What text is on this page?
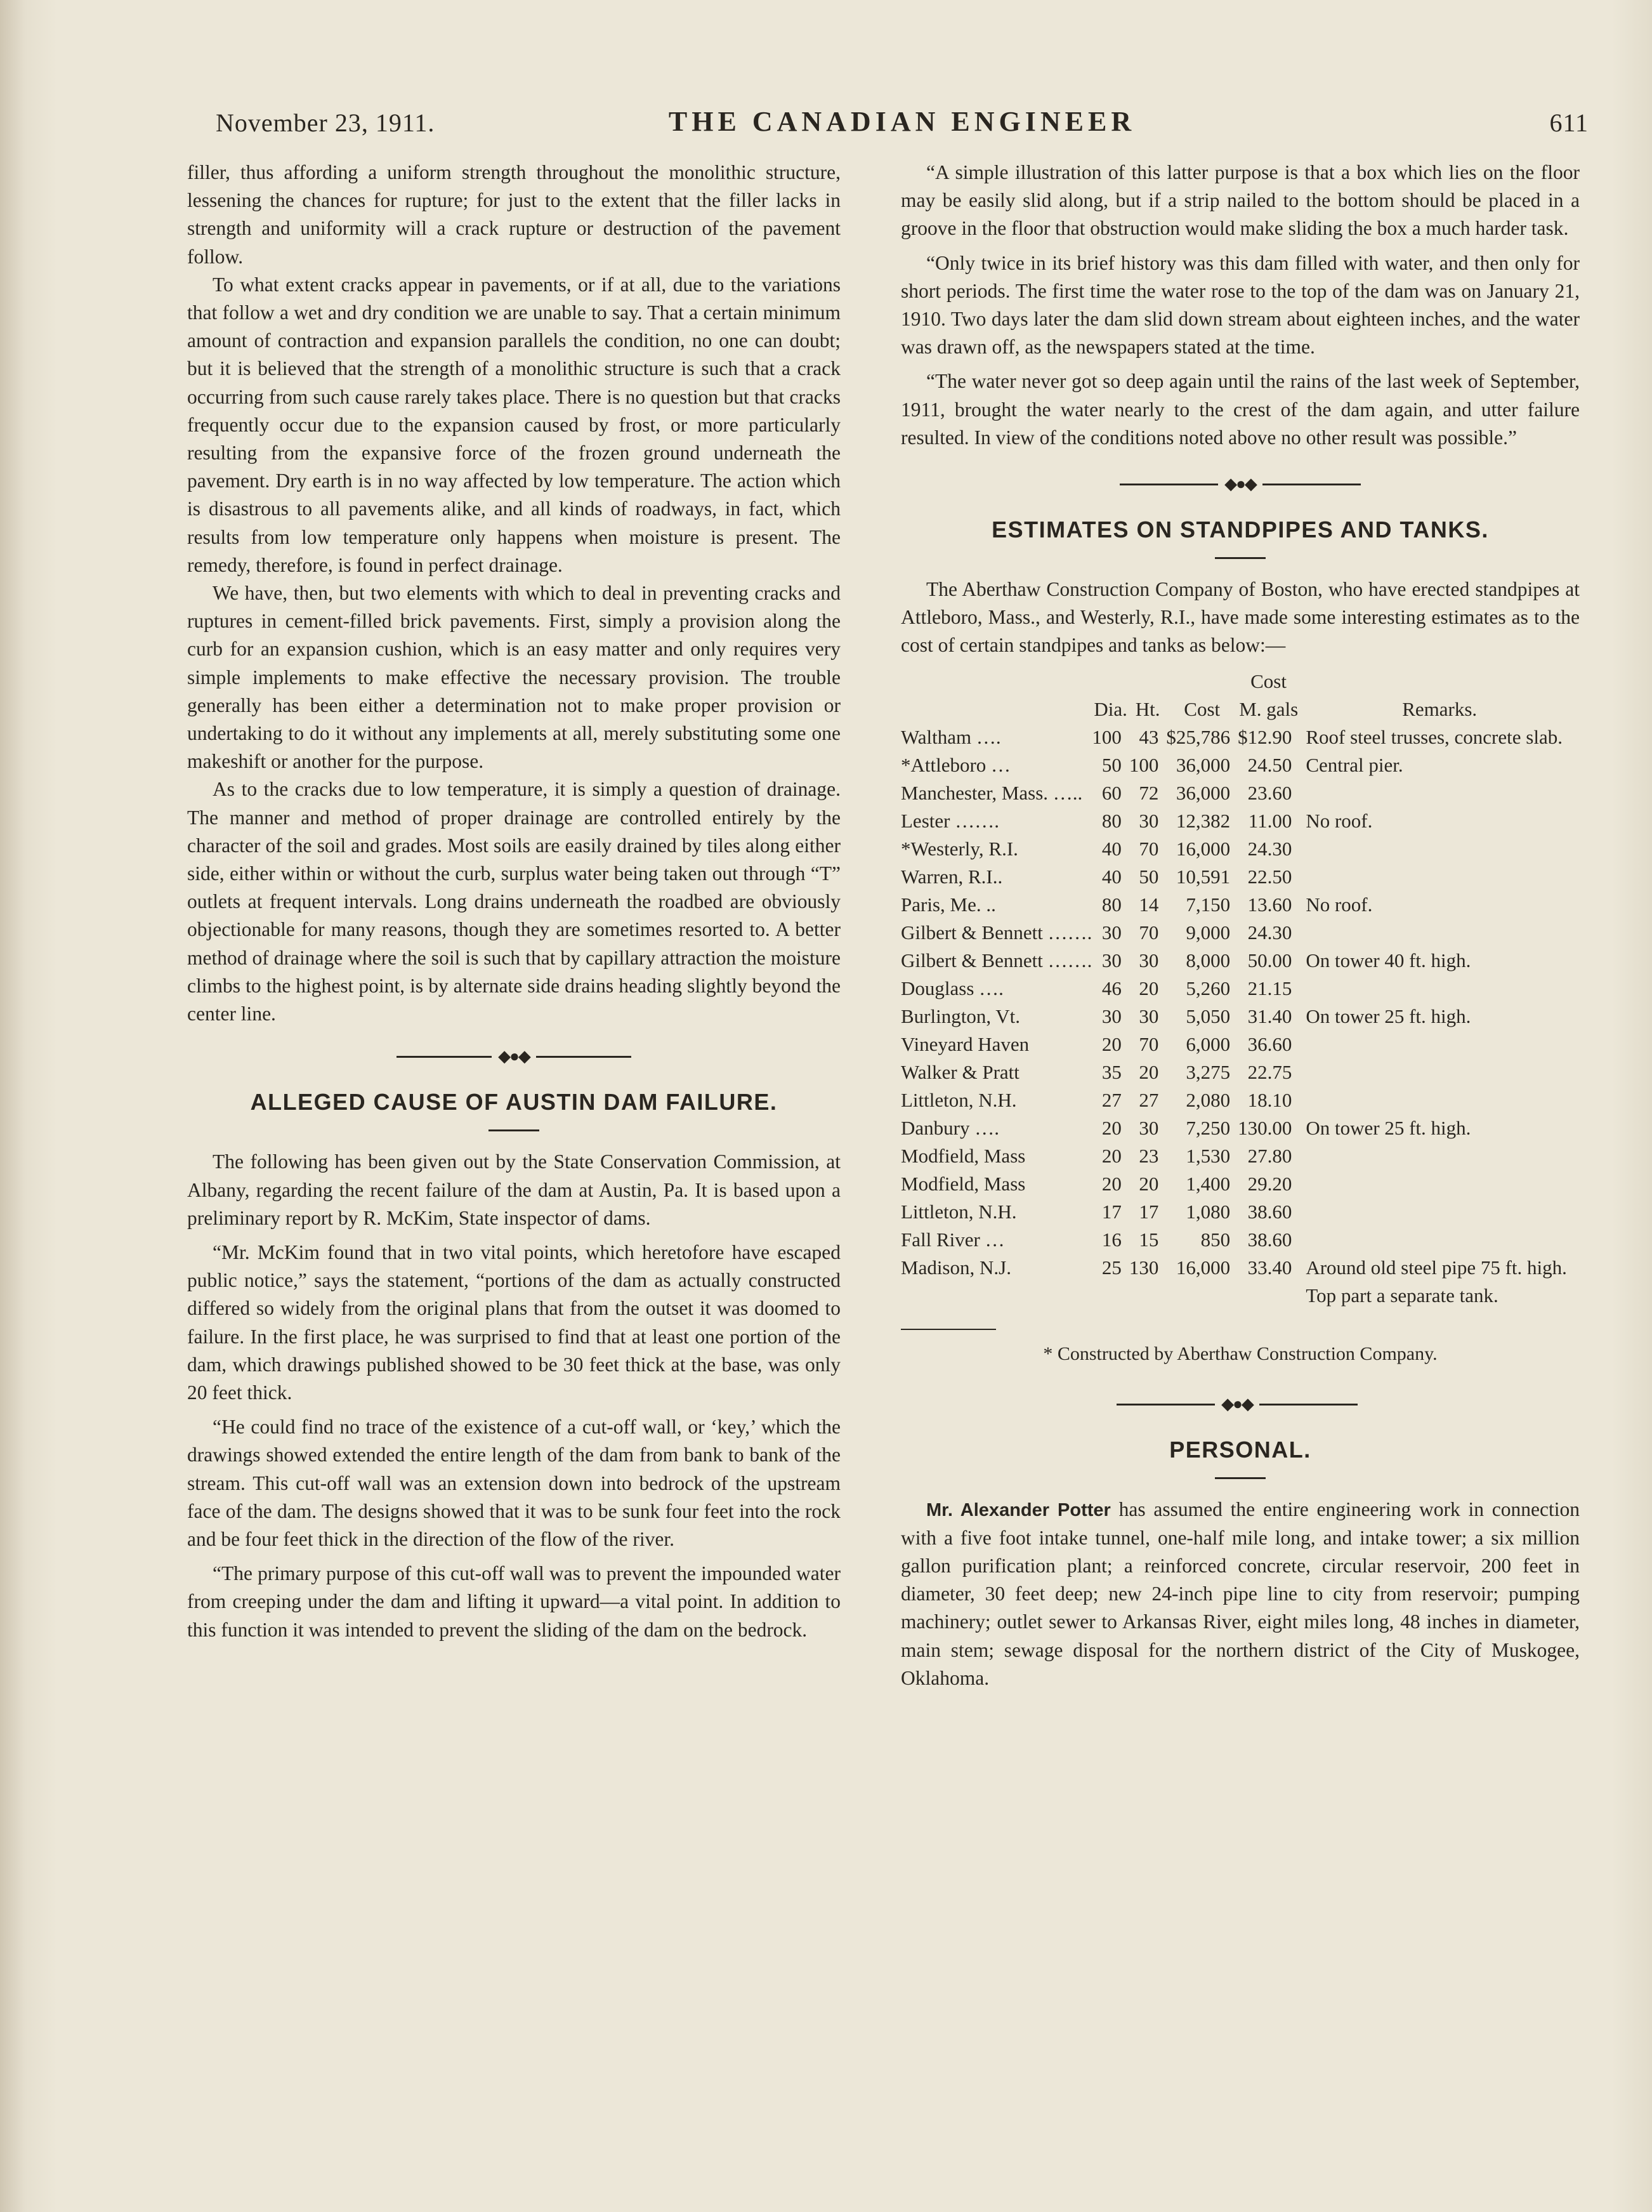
November 23, 1911.	THE CANADIAN ENGINEER	611

filler, thus affording a uniform strength throughout the monolithic structure, lessening the chances for rupture; for just to the extent that the filler lacks in strength and uniformity will a crack rupture or destruction of the pavement follow.

To what extent cracks appear in pavements, or if at all, due to the variations that follow a wet and dry condition we are unable to say. That a certain minimum amount of contraction and expansion parallels the condition, no one can doubt; but it is believed that the strength of a monolithic structure is such that a crack occurring from such cause rarely takes place. There is no question but that cracks frequently occur due to the expansion caused by frost, or more particularly resulting from the expansive force of the frozen ground underneath the pavement. Dry earth is in no way affected by low temperature. The action which is disastrous to all pavements alike, and all kinds of roadways, in fact, which results from low temperature only happens when moisture is present. The remedy, therefore, is found in perfect drainage.

We have, then, but two elements with which to deal in preventing cracks and ruptures in cement-filled brick pavements. First, simply a provision along the curb for an expansion cushion, which is an easy matter and only requires very simple implements to make effective the necessary provision. The trouble generally has been either a determination not to make proper provision or undertaking to do it without any implements at all, merely substituting some one makeshift or another for the purpose.

As to the cracks due to low temperature, it is simply a question of drainage. The manner and method of proper drainage are controlled entirely by the character of the soil and grades. Most soils are easily drained by tiles along either side, either within or without the curb, surplus water being taken out through “T” outlets at frequent intervals. Long drains underneath the roadbed are obviously objectionable for many reasons, though they are sometimes resorted to. A better method of drainage where the soil is such that by capillary attraction the moisture climbs to the highest point, is by alternate side drains heading slightly beyond the center line.

◆●◆
ALLEGED CAUSE OF AUSTIN DAM FAILURE.

The following has been given out by the State Conservation Commission, at Albany, regarding the recent failure of the dam at Austin, Pa. It is based upon a preliminary report by R. McKim, State inspector of dams.

“Mr. McKim found that in two vital points, which heretofore have escaped public notice,” says the statement, “portions of the dam as actually constructed differed so widely from the original plans that from the outset it was doomed to failure. In the first place, he was surprised to find that at least one portion of the dam, which drawings published showed to be 30 feet thick at the base, was only 20 feet thick.

“He could find no trace of the existence of a cut-off wall, or ‘key,’ which the drawings showed extended the entire length of the dam from bank to bank of the stream. This cut-off wall was an extension down into bedrock of the upstream face of the dam. The designs showed that it was to be sunk four feet into the rock and be four feet thick in the direction of the flow of the river.

“The primary purpose of this cut-off wall was to prevent the impounded water from creeping under the dam and lifting it upward—a vital point. In addition to this function it was intended to prevent the sliding of the dam on the bedrock.

“A simple illustration of this latter purpose is that a box which lies on the floor may be easily slid along, but if a strip nailed to the bottom should be placed in a groove in the floor that obstruction would make sliding the box a much harder task.

“Only twice in its brief history was this dam filled with water, and then only for short periods. The first time the water rose to the top of the dam was on January 21, 1910. Two days later the dam slid down stream about eighteen inches, and the water was drawn off, as the newspapers stated at the time.

“The water never got so deep again until the rains of the last week of September, 1911, brought the water nearly to the crest of the dam again, and utter failure resulted. In view of the conditions noted above no other result was possible.”

◆●◆
ESTIMATES ON STANDPIPES AND TANKS.

The Aberthaw Construction Company of Boston, who have erected standpipes at Attleboro, Mass., and Westerly, R.I., have made some interesting estimates as to the cost of certain standpipes and tanks as below:—

				Cost	
	Dia.	Ht.	Cost	M. gals	Remarks.
Waltham ….	100	43	$25,786	$12.90	Roof steel trusses, concrete slab.
*Attleboro …	50	100	36,000	24.50	Central pier.
Manchester, Mass. …..	60	72	36,000	23.60	
Lester …….	80	30	12,382	11.00	No roof.
*Westerly, R.I.	40	70	16,000	24.30	
Warren, R.I..	40	50	10,591	22.50	
Paris, Me. ..	80	14	7,150	13.60	No roof.
Gilbert & Bennett …….	30	70	9,000	24.30	
Gilbert & Bennett …….	30	30	8,000	50.00	On tower 40 ft. high.
Douglass ….	46	20	5,260	21.15	
Burlington, Vt.	30	30	5,050	31.40	On tower 25 ft. high.
Vineyard Haven	20	70	6,000	36.60	
Walker & Pratt	35	20	3,275	22.75	
Littleton, N.H.	27	27	2,080	18.10	
Danbury ….	20	30	7,250	130.00	On tower 25 ft. high.
Modfield, Mass	20	23	1,530	27.80	
Modfield, Mass	20	20	1,400	29.20	
Littleton, N.H.	17	17	1,080	38.60	
Fall River …	16	15	850	38.60	
Madison, N.J.	25	130	16,000	33.40	Around old steel pipe 75 ft. high. Top part a separate tank.
* Constructed by Aberthaw Construction Company.
◆●◆
PERSONAL.

Mr. Alexander Potter has assumed the entire engineering work in connection with a five foot intake tunnel, one-half mile long, and intake tower; a six million gallon purification plant; a reinforced concrete, circular reservoir, 200 feet in diameter, 30 feet deep; new 24-inch pipe line to city from reservoir; pumping machinery; outlet sewer to Arkansas River, eight miles long, 48 inches in diameter, main stem; sewage disposal for the northern district of the City of Muskogee, Oklahoma.
